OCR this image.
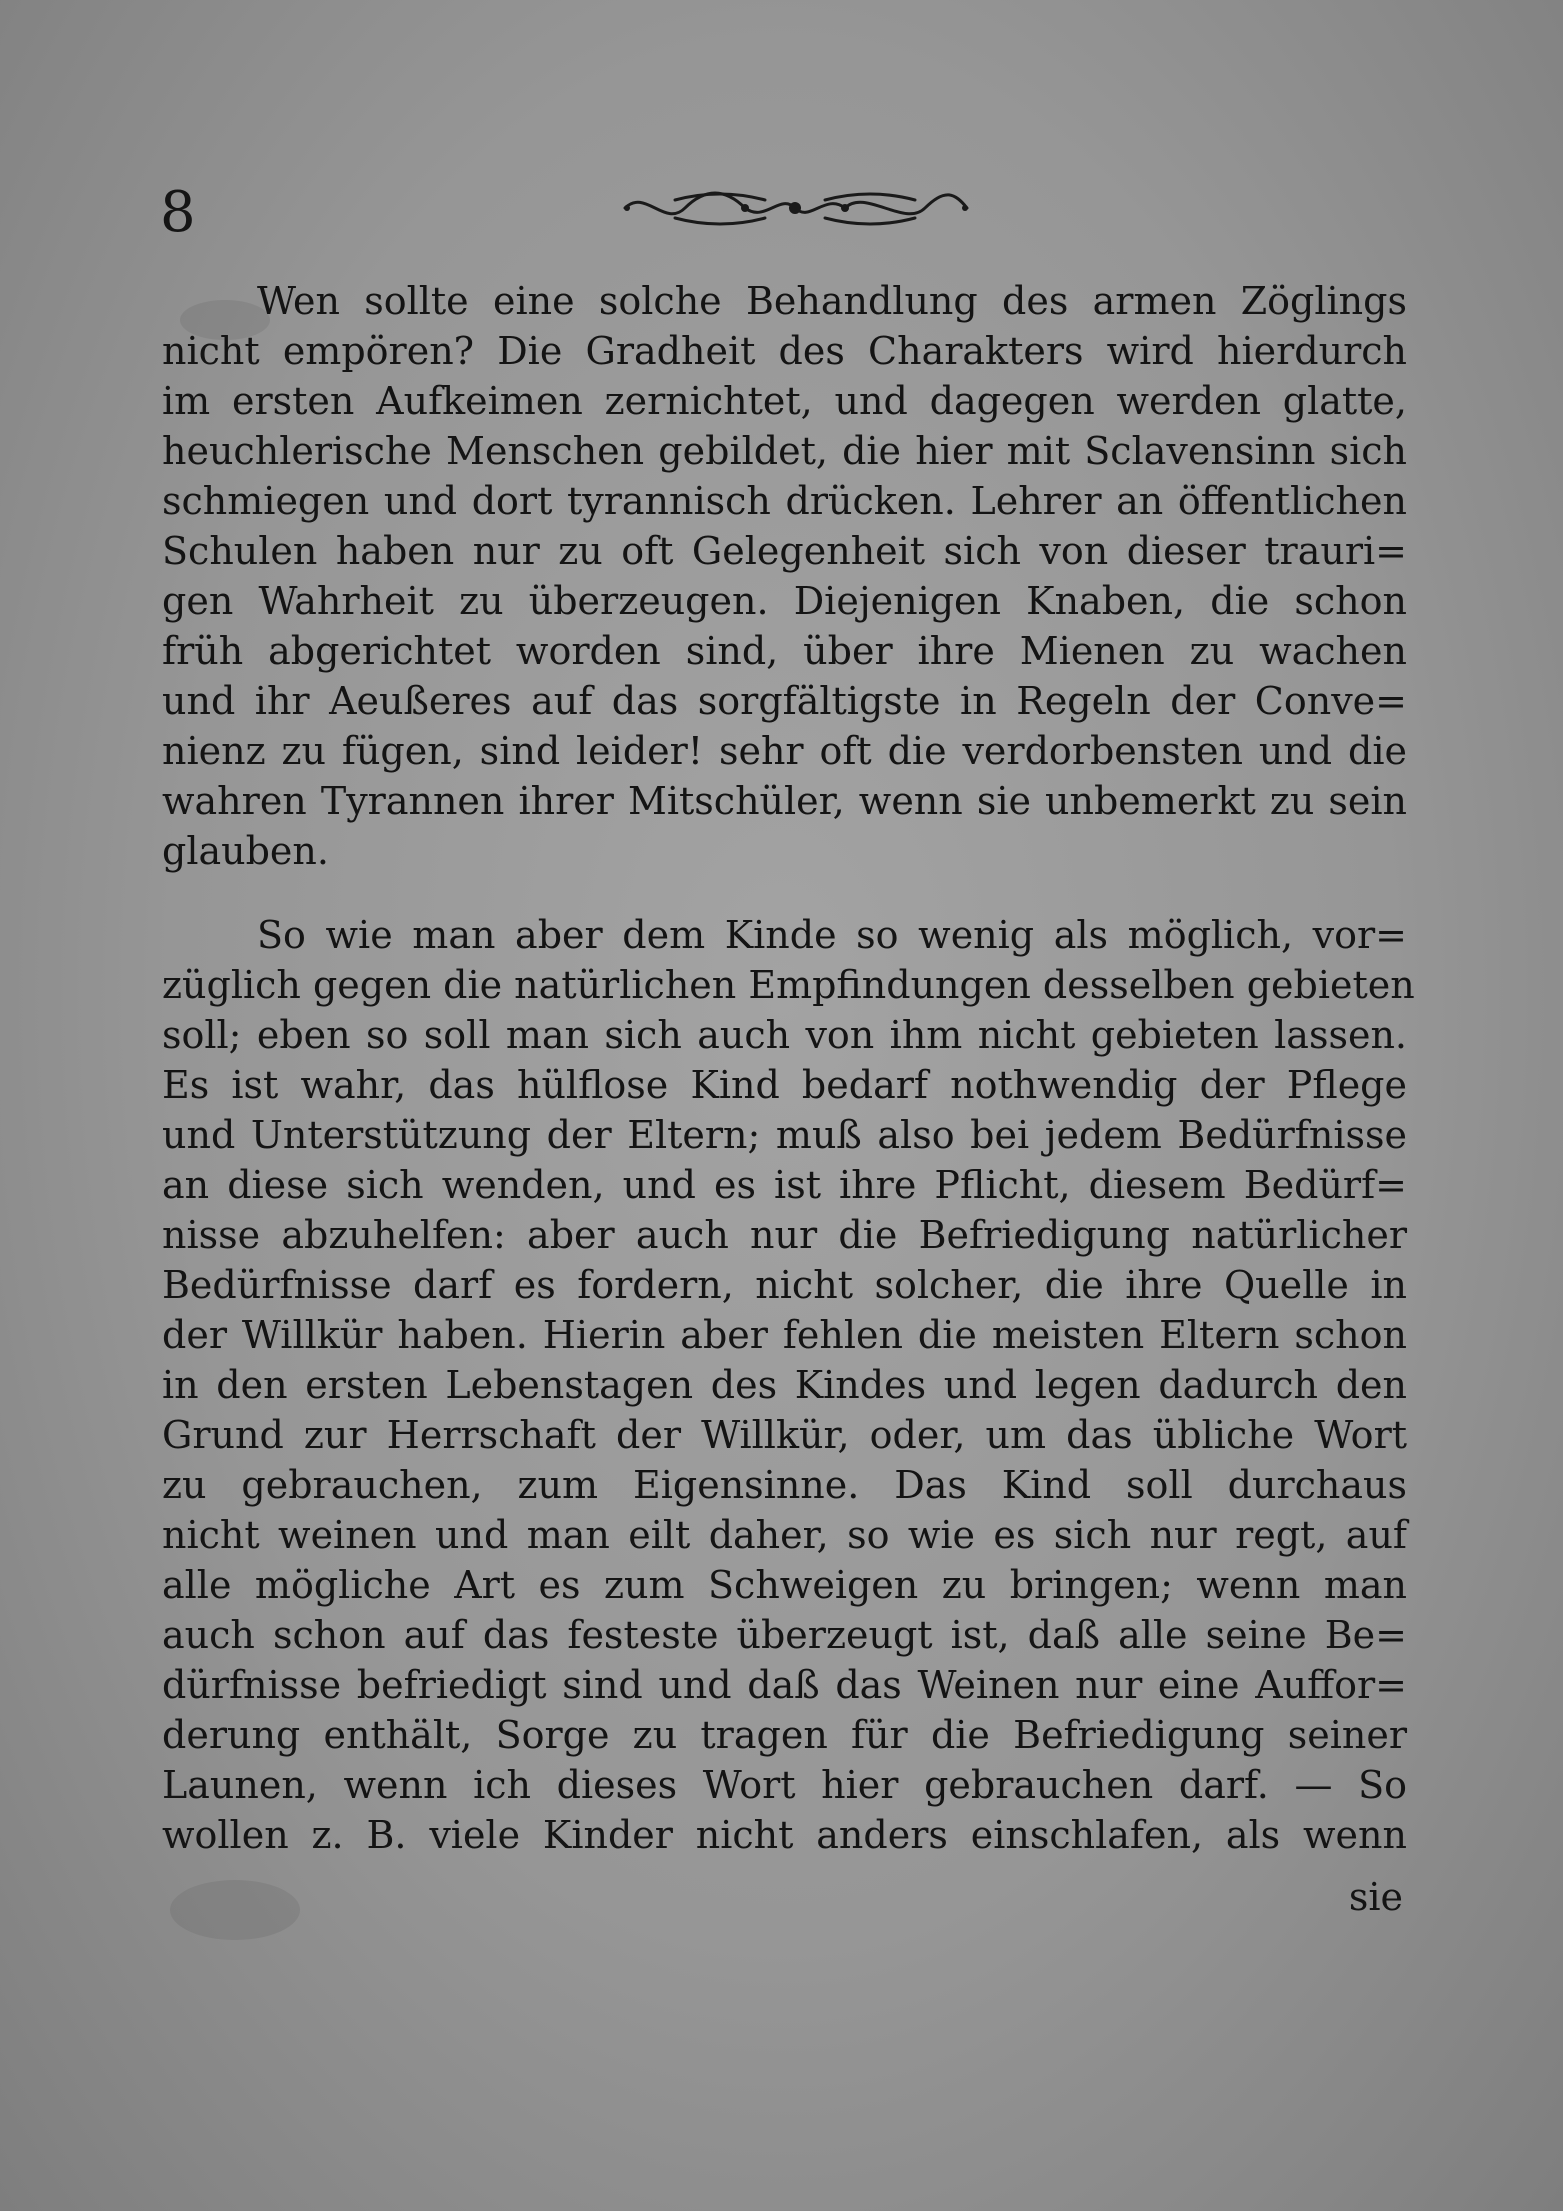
8
Wen sollte eine solche Behandlung des armen Zöglings
nicht empören? Die Gradheit des Charakters wird hierdurch
im ersten Aufkeimen zernichtet, und dagegen werden glatte,
heuchlerische Menschen gebildet, die hier mit Sclavensinn sich
schmiegen und dort tyrannisch drücken. Lehrer an öffentlichen
Schulen haben nur zu oft Gelegenheit sich von dieser trauri=
gen Wahrheit zu überzeugen. Diejenigen Knaben, die schon
früh abgerichtet worden sind, über ihre Mienen zu wachen
und ihr Aeußeres auf das sorgfältigste in Regeln der Conve=
nienz zu fügen, sind leider! sehr oft die verdorbensten und die
wahren Tyrannen ihrer Mitschüler, wenn sie unbemerkt zu sein
glauben.
So wie man aber dem Kinde so wenig als möglich, vor=
züglich gegen die natürlichen Empfindungen desselben gebieten
soll; eben so soll man sich auch von ihm nicht gebieten lassen.
Es ist wahr, das hülflose Kind bedarf nothwendig der Pflege
und Unterstützung der Eltern; muß also bei jedem Bedürfnisse
an diese sich wenden, und es ist ihre Pflicht, diesem Bedürf=
nisse abzuhelfen: aber auch nur die Befriedigung natürlicher
Bedürfnisse darf es fordern, nicht solcher, die ihre Quelle in
der Willkür haben. Hierin aber fehlen die meisten Eltern schon
in den ersten Lebenstagen des Kindes und legen dadurch den
Grund zur Herrschaft der Willkür, oder, um das übliche Wort
zu gebrauchen, zum Eigensinne. Das Kind soll durchaus
nicht weinen und man eilt daher, so wie es sich nur regt, auf
alle mögliche Art es zum Schweigen zu bringen; wenn man
auch schon auf das festeste überzeugt ist, daß alle seine Be=
dürfnisse befriedigt sind und daß das Weinen nur eine Auffor=
derung enthält, Sorge zu tragen für die Befriedigung seiner
Launen, wenn ich dieses Wort hier gebrauchen darf. — So
wollen z. B. viele Kinder nicht anders einschlafen, als wenn
sie
